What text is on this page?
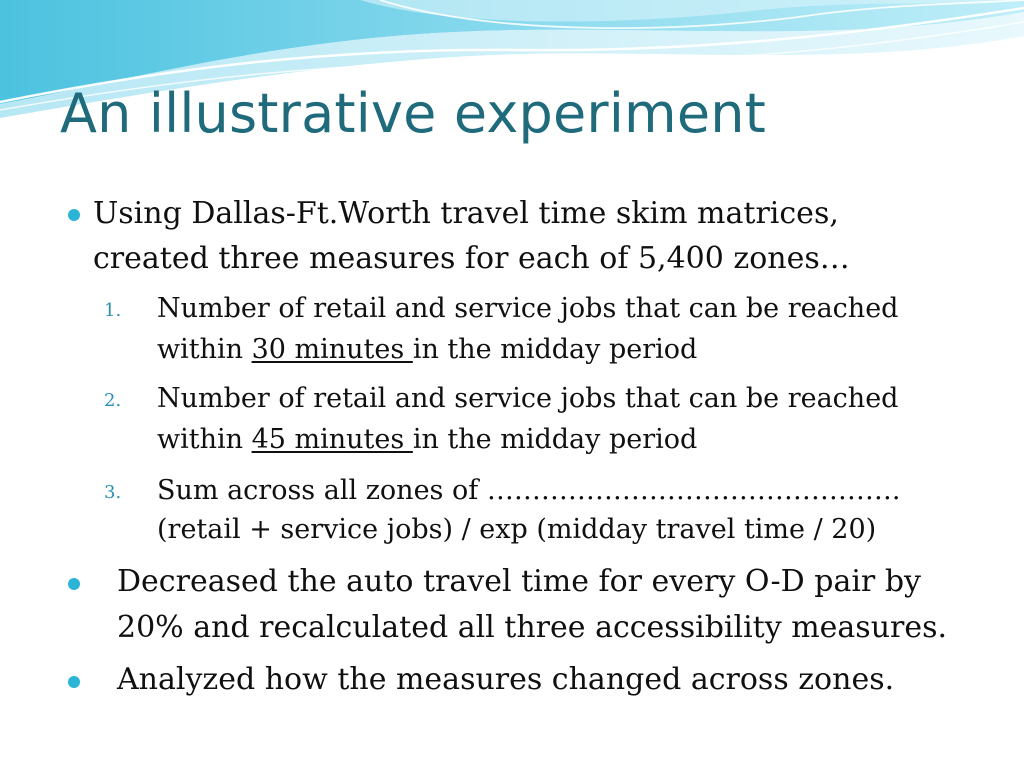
An illustrative experiment
Using Dallas-Ft.Worth travel time skim matrices,
created three measures for each of 5,400 zones…
1. Number of retail and service jobs that can be reached
within 30 minutes in the midday period
2. Number of retail and service jobs that can be reached
within 45 minutes in the midday period
3. Sum across all zones of ……………………………………….
(retail + service jobs) / exp (midday travel time / 20)
Decreased the auto travel time for every O-D pair by
20% and recalculated all three accessibility measures.
Analyzed how the measures changed across zones.
